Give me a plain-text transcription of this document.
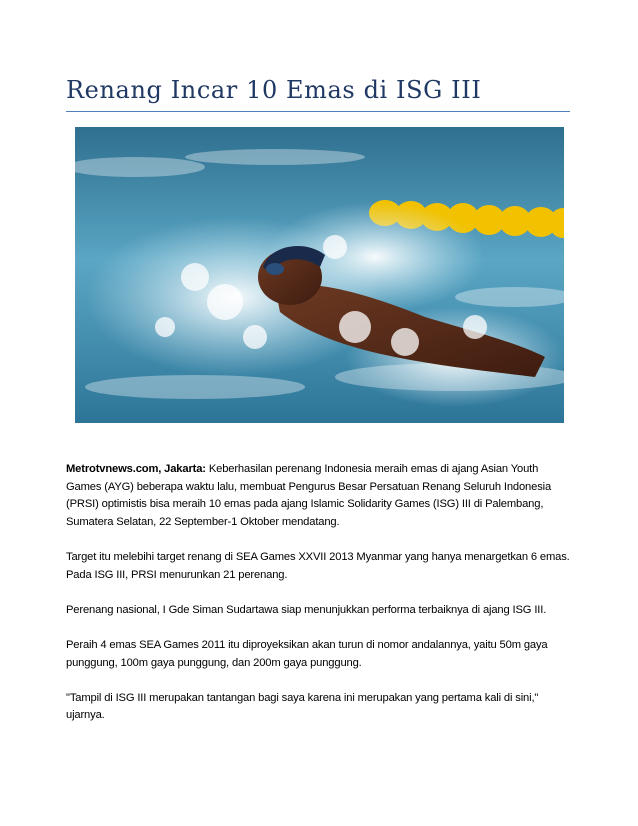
Renang Incar 10 Emas di ISG III

Metrotvnews.com, Jakarta: Keberhasilan perenang Indonesia meraih emas di ajang Asian Youth Games (AYG) beberapa waktu lalu, membuat Pengurus Besar Persatuan Renang Seluruh Indonesia (PRSI) optimistis bisa meraih 10 emas pada ajang Islamic Solidarity Games (ISG) III di Palembang, Sumatera Selatan, 22 September-1 Oktober mendatang.

Target itu melebihi target renang di SEA Games XXVII 2013 Myanmar yang hanya menargetkan 6 emas. Pada ISG III, PRSI menurunkan 21 perenang.

Perenang nasional, I Gde Siman Sudartawa siap menunjukkan performa terbaiknya di ajang ISG III.

Peraih 4 emas SEA Games 2011 itu diproyeksikan akan turun di nomor andalannya, yaitu 50m gaya punggung, 100m gaya punggung, dan 200m gaya punggung.

"Tampil di ISG III merupakan tantangan bagi saya karena ini merupakan yang pertama kali di sini," ujarnya.
